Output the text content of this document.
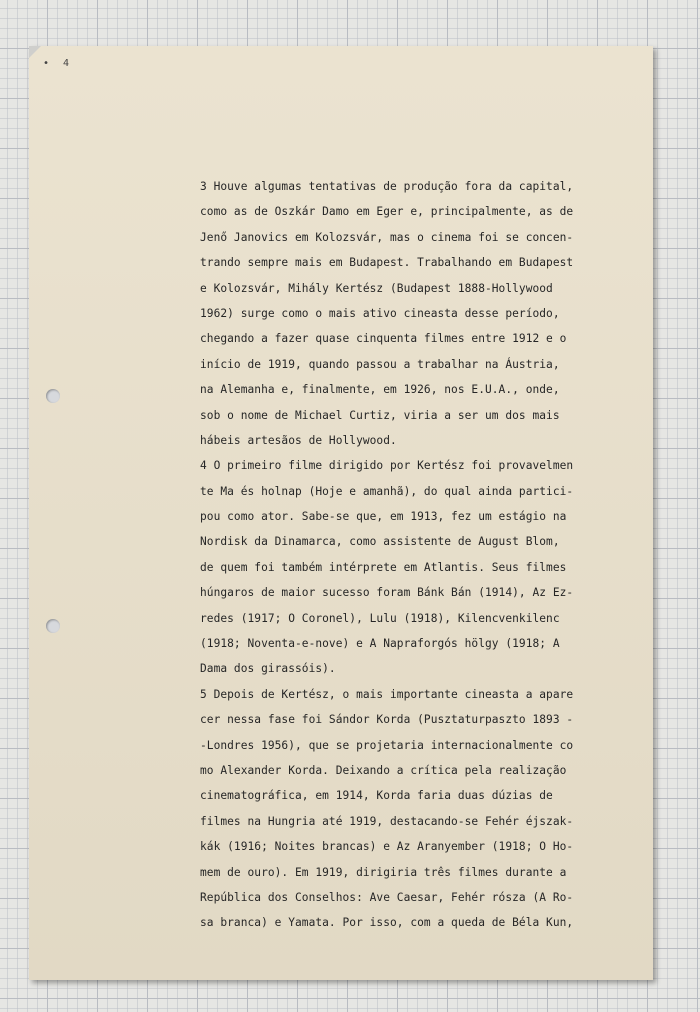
• 4
3 Houve algumas tentativas de produção fora da capital,
como as de Oszkár Damo em Eger e, principalmente, as de
Jenő Janovics em Kolozsvár, mas o cinema foi se concen-
trando sempre mais em Budapest. Trabalhando em Budapest
e Kolozsvár, Mihály Kertész (Budapest 1888-Hollywood
1962) surge como o mais ativo cineasta desse período,
chegando a fazer quase cinquenta filmes entre 1912 e o
início de 1919, quando passou a trabalhar na Áustria,
na Alemanha e, finalmente, em 1926, nos E.U.A., onde,
sob o nome de Michael Curtiz, viria a ser um dos mais
hábeis artesãos de Hollywood.
4 O primeiro filme dirigido por Kertész foi provavelmen
te Ma és holnap (Hoje e amanhã), do qual ainda partici-
pou como ator. Sabe-se que, em 1913, fez um estágio na
Nordisk da Dinamarca, como assistente de August Blom,
de quem foi também intérprete em Atlantis. Seus filmes
húngaros de maior sucesso foram Bánk Bán (1914), Az Ez-
redes (1917; O Coronel), Lulu (1918), Kilencvenkilenc
(1918; Noventa-e-nove) e A Napraforgós hölgy (1918; A
Dama dos girassóis).
5 Depois de Kertész, o mais importante cineasta a apare
cer nessa fase foi Sándor Korda (Pusztaturpaszto 1893 -
-Londres 1956), que se projetaria internacionalmente co
mo Alexander Korda. Deixando a crítica pela realização
cinematográfica, em 1914, Korda faria duas dúzias de
filmes na Hungria até 1919, destacando-se Fehér éjszak-
kák (1916; Noites brancas) e Az Aranyember (1918; O Ho-
mem de ouro). Em 1919, dirigiria três filmes durante a
República dos Conselhos: Ave Caesar, Fehér rósza (A Ro-
sa branca) e Yamata. Por isso, com a queda de Béla Kun,
